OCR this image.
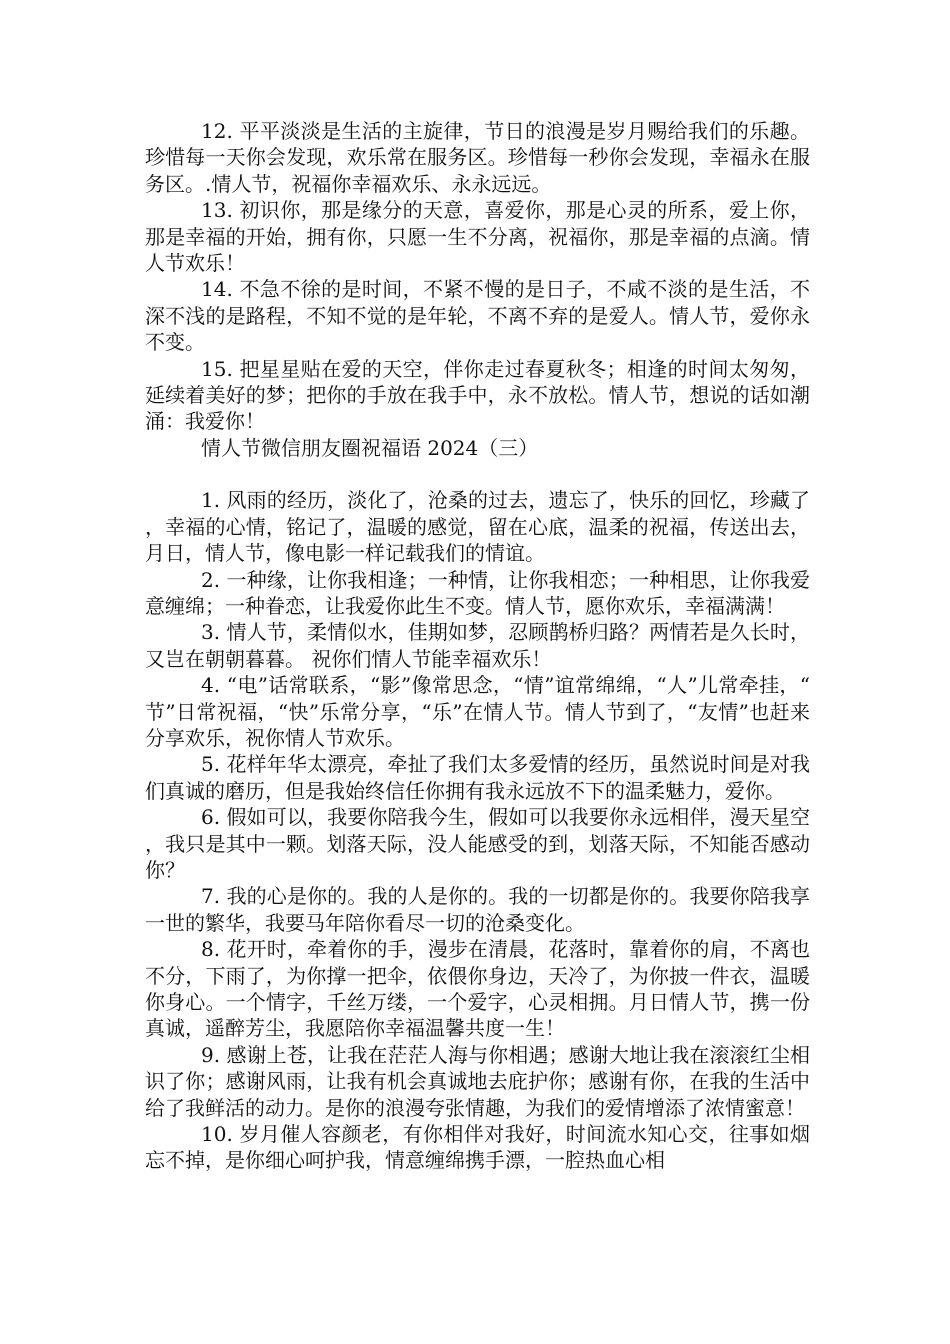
12. 平平淡淡是生活的主旋律，节日的浪漫是岁月赐给我们的乐趣。珍惜每一天你会发现，欢乐常在服务区。珍惜每一秒你会发现，幸福永在服务区。.情人节，祝福你幸福欢乐、永永远远。

13. 初识你，那是缘分的天意，喜爱你，那是心灵的所系，爱上你，那是幸福的开始，拥有你，只愿一生不分离，祝福你，那是幸福的点滴。情人节欢乐！

14. 不急不徐的是时间，不紧不慢的是日子，不咸不淡的是生活，不深不浅的是路程，不知不觉的是年轮，不离不弃的是爱人。情人节，爱你永不变。

15. 把星星贴在爱的天空，伴你走过春夏秋冬；相逢的时间太匆匆，延续着美好的梦；把你的手放在我手中，永不放松。情人节，想说的话如潮涌：我爱你！

情人节微信朋友圈祝福语 2024（三）

1. 风雨的经历，淡化了，沧桑的过去，遗忘了，快乐的回忆，珍藏了，幸福的心情，铭记了，温暖的感觉，留在心底，温柔的祝福，传送出去，月日，情人节，像电影一样记载我们的情谊。

2. 一种缘，让你我相逢；一种情，让你我相恋；一种相思，让你我爱意缠绵；一种眷恋，让我爱你此生不变。情人节，愿你欢乐，幸福满满！

3. 情人节，柔情似水，佳期如梦，忍顾鹊桥归路？两情若是久长时，又岂在朝朝暮暮。 祝你们情人节能幸福欢乐！

4. “电”话常联系，“影”像常思念，“情”谊常绵绵，“人”儿常牵挂，“节”日常祝福，“快”乐常分享，“乐”在情人节。情人节到了，“友情”也赶来分享欢乐，祝你情人节欢乐。

5. 花样年华太漂亮，牵扯了我们太多爱情的经历，虽然说时间是对我们真诚的磨历，但是我始终信任你拥有我永远放不下的温柔魅力，爱你。

6. 假如可以，我要你陪我今生，假如可以我要你永远相伴，漫天星空，我只是其中一颗。划落天际，没人能感受的到，划落天际，不知能否感动你？

7. 我的心是你的。我的人是你的。我的一切都是你的。我要你陪我享一世的繁华，我要马年陪你看尽一切的沧桑变化。

8. 花开时，牵着你的手，漫步在清晨，花落时，靠着你的肩，不离也不分，下雨了，为你撑一把伞，依偎你身边，天冷了，为你披一件衣，温暖你身心。一个情字，千丝万缕，一个爱字，心灵相拥。月日情人节，携一份真诚，遥醉芳尘，我愿陪你幸福温馨共度一生！

9. 感谢上苍，让我在茫茫人海与你相遇；感谢大地让我在滚滚红尘相识了你；感谢风雨，让我有机会真诚地去庇护你；感谢有你，在我的生活中给了我鲜活的动力。是你的浪漫夸张情趣，为我们的爱情增添了浓情蜜意！

10. 岁月催人容颜老，有你相伴对我好，时间流水知心交，往事如烟忘不掉，是你细心呵护我，情意缠绵携手漂，一腔热血心相
